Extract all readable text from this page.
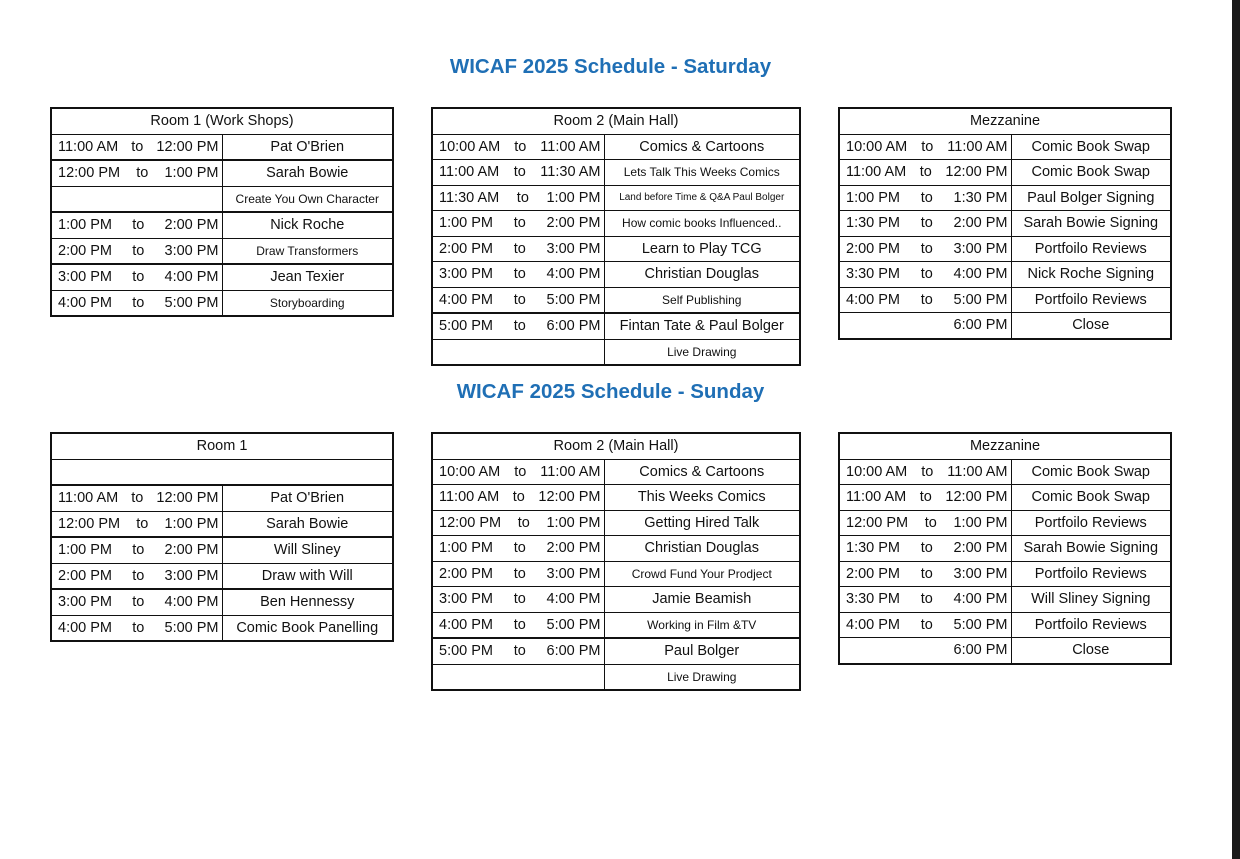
WICAF 2025 Schedule - Saturday
WICAF 2025 Schedule - Sunday
Room 1 (Work Shops)	

11:00 AM to 12:00 PM	Pat O'Brien

12:00 PM to 1:00 PM	Sarah Bowie

	Create You Own Character

1:00 PM to 2:00 PM	Nick Roche

2:00 PM to 3:00 PM	Draw Transformers

3:00 PM to 4:00 PM	Jean Texier

4:00 PM to 5:00 PM	Storyboarding
Room 2 (Main Hall)	

10:00 AM to 11:00 AM	Comics & Cartoons

11:00 AM to 11:30 AM	Lets Talk This Weeks Comics

11:30 AM to 1:00 PM	Land before Time & Q&A Paul Bolger

1:00 PM to 2:00 PM	How comic books Influenced..

2:00 PM to 3:00 PM	Learn to Play TCG

3:00 PM to 4:00 PM	Christian Douglas

4:00 PM to 5:00 PM	Self Publishing

5:00 PM to 6:00 PM	Fintan Tate & Paul Bolger

	Live Drawing
Mezzanine	

10:00 AM to 11:00 AM	Comic Book Swap

11:00 AM to 12:00 PM	Comic Book Swap

1:00 PM to 1:30 PM	Paul Bolger Signing

1:30 PM to 2:00 PM	Sarah Bowie Signing

2:00 PM to 3:00 PM	Portfoilo Reviews

3:30 PM to 4:00 PM	Nick Roche Signing

4:00 PM to 5:00 PM	Portfoilo Reviews

6:00 PM	Close
Room 1	

11:00 AM to 12:00 PM	Pat O'Brien

12:00 PM to 1:00 PM	Sarah Bowie

1:00 PM to 2:00 PM	Will Sliney

2:00 PM to 3:00 PM	Draw with Will

3:00 PM to 4:00 PM	Ben Hennessy

4:00 PM to 5:00 PM	Comic Book Panelling
Room 2 (Main Hall)	

10:00 AM to 11:00 AM	Comics & Cartoons

11:00 AM to 12:00 PM	This Weeks Comics

12:00 PM to 1:00 PM	Getting Hired Talk

1:00 PM to 2:00 PM	Christian Douglas

2:00 PM to 3:00 PM	Crowd Fund Your Prodject

3:00 PM to 4:00 PM	Jamie Beamish

4:00 PM to 5:00 PM	Working in Film &TV

5:00 PM to 6:00 PM	Paul Bolger

	Live Drawing
Mezzanine	

10:00 AM to 11:00 AM	Comic Book Swap

11:00 AM to 12:00 PM	Comic Book Swap

12:00 PM to 1:00 PM	Portfoilo Reviews

1:30 PM to 2:00 PM	Sarah Bowie Signing

2:00 PM to 3:00 PM	Portfoilo Reviews

3:30 PM to 4:00 PM	Will Sliney Signing

4:00 PM to 5:00 PM	Portfoilo Reviews

6:00 PM	Close
